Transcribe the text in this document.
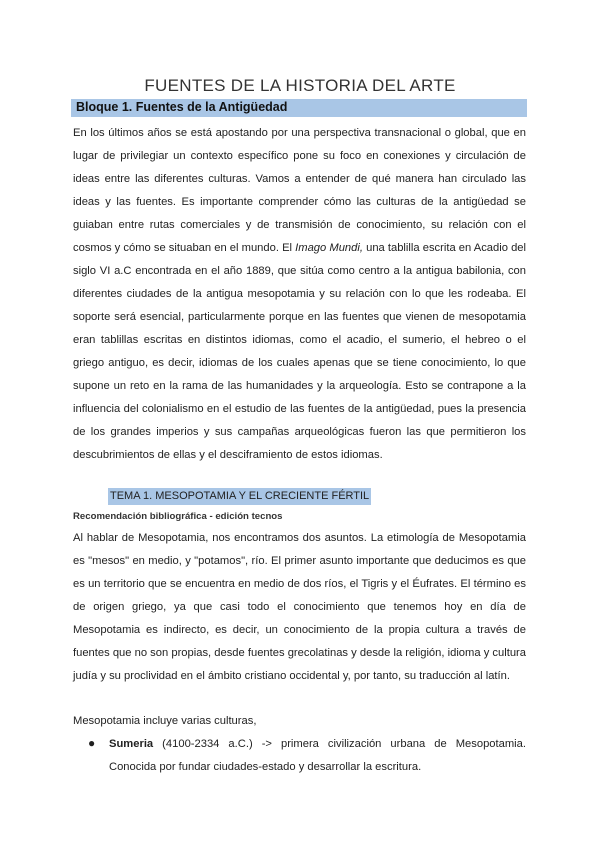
FUENTES DE LA HISTORIA DEL ARTE
Bloque 1. Fuentes de la Antigüedad
En los últimos años se está apostando por una perspectiva transnacional o global, que en lugar de privilegiar un contexto específico pone su foco en conexiones y circulación de ideas entre las diferentes culturas. Vamos a entender de qué manera han circulado las ideas y las fuentes. Es importante comprender cómo las culturas de la antigüedad se guiaban entre rutas comerciales y de transmisión de conocimiento, su relación con el cosmos y cómo se situaban en el mundo. El Imago Mundi, una tablilla escrita en Acadio del siglo VI a.C encontrada en el año 1889, que sitúa como centro a la antigua babilonia, con diferentes ciudades de la antigua mesopotamia y su relación con lo que les rodeaba. El soporte será esencial, particularmente porque en las fuentes que vienen de mesopotamia eran tablillas escritas en distintos idiomas, como el acadio, el sumerio, el hebreo o el griego antiguo, es decir, idiomas de los cuales apenas que se tiene conocimiento, lo que supone un reto en la rama de las humanidades y la arqueología. Esto se contrapone a la influencia del colonialismo en el estudio de las fuentes de la antigüedad, pues la presencia de los grandes imperios y sus campañas arqueológicas fueron las que permitieron los descubrimientos de ellas y el desciframiento de estos idiomas.
TEMA 1. MESOPOTAMIA Y EL CRECIENTE FÉRTIL
Recomendación bibliográfica - edición tecnos
Al hablar de Mesopotamia, nos encontramos dos asuntos. La etimología de Mesopotamia es "mesos" en medio, y "potamos", río. El primer asunto importante que deducimos es que es un territorio que se encuentra en medio de dos ríos, el Tigris y el Éufrates. El término es de origen griego, ya que casi todo el conocimiento que tenemos hoy en día de Mesopotamia es indirecto, es decir, un conocimiento de la propia cultura a través de fuentes que no son propias, desde fuentes grecolatinas y desde la religión, idioma y cultura judía y su proclividad en el ámbito cristiano occidental y, por tanto, su traducción al latín.
Mesopotamia incluye varias culturas,
● Sumeria (4100-2334 a.C.) -> primera civilización urbana de Mesopotamia. Conocida por fundar ciudades-estado y desarrollar la escritura.
